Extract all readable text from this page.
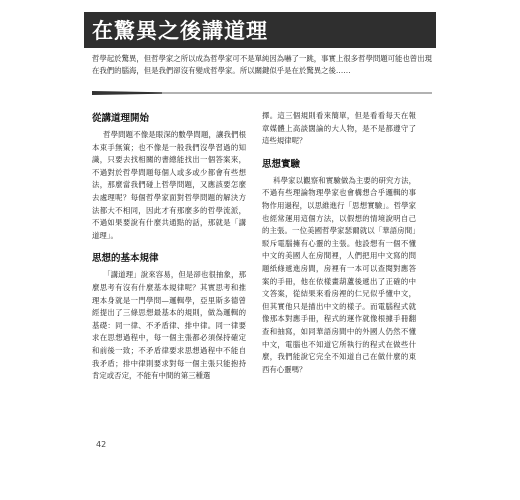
在驚異之後講道理

哲學起於驚異，但哲學家之所以成為哲學家可不是單純因為嚇了一跳，事實上很多哲學問題可能也曾出現在我們的腦海，但是我們卻沒有變成哲學家。所以關鍵似乎是在於驚異之後……

從講道理開始

哲學問題不像是眼深的數學問題，讓我們根本束手無策；也不像是一般我們沒學習過的知識，只要去找相關的書總能找出一個答案來，不過對於哲學問題每個人或多或少都會有些想法，那麼當我們碰上哲學問題，又應該要怎麼去處理呢？每個哲學家面對哲學問題的解決方法都大不相同，因此才有那麼多的哲學流派，不過如果要說有什麼共通點的話，那就是「講道理」。

思想的基本規律

「講道理」說來容易，但是卻也很抽象，那麼思考有沒有什麼基本規律呢？其實思考和推理本身就是一門學問—邏輯學，亞里斯多德曾經提出了三條思想最基本的規則，做為邏輯的基礎：同一律、不矛盾律、排中律。同一律要求在思想過程中，每一個主張都必須保持確定和前後一致；不矛盾律要求思想過程中不能自我矛盾；排中律則要求對每一個主張只能抱持肯定或否定，不能有中間的第三種選

擇。這三個規則看來簡單，但是看看每天在報章媒體上高談闊論的大人物，是不是都遵守了這些規律呢？

思想實驗

科學家以觀察和實驗做為主要的研究方法，不過有些理論物理學家也會構想合乎邏輯的事物作用過程，以思維進行「思想實驗」。哲學家也經常運用這個方法，以假想的情境說明自己的主張。一位美國哲學家瑟爾就以「華語房間」駁斥電腦擁有心靈的主張。他設想有一個不懂中文的美國人在房間裡，人們把用中文寫的問題紙條遞進房間，房裡有一本可以查閱對應答案的手冊，他在依樣畫葫蘆後遞出了正確的中文答案，從結果來看房裡的仁兄似乎懂中文，但其實他只是描出中文的樣子。而電腦程式就像那本對應手冊，程式的運作就像根據手冊翻查和抽寫，如同華語房間中的外國人仍然不懂中文，電腦也不知道它所執行的程式在做些什麼，我們能說它完全不知道自己在做什麼的東西有心靈嗎？

42
